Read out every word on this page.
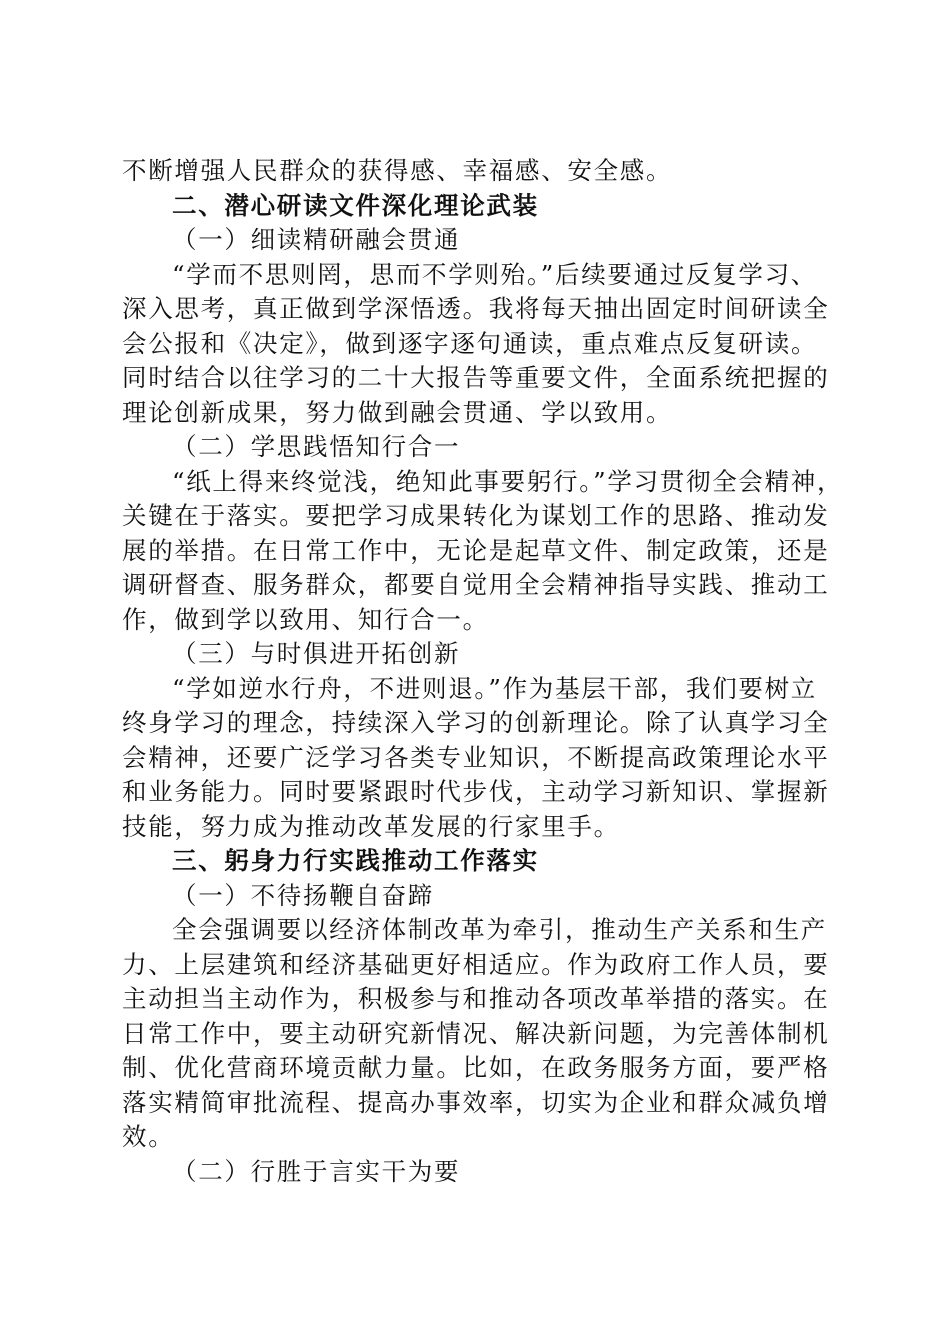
不断增强人民群众的获得感、幸福感、安全感。
二、潜心研读文件深化理论武装
（一）细读精研融会贯通
“学而不思则罔，思而不学则殆。”后续要通过反复学习、
深入思考，真正做到学深悟透。我将每天抽出固定时间研读全
会公报和《决定》，做到逐字逐句通读，重点难点反复研读。
同时结合以往学习的二十大报告等重要文件，全面系统把握的
理论创新成果，努力做到融会贯通、学以致用。
（二）学思践悟知行合一
“纸上得来终觉浅，绝知此事要躬行。”学习贯彻全会精神，
关键在于落实。要把学习成果转化为谋划工作的思路、推动发
展的举措。在日常工作中，无论是起草文件、制定政策，还是
调研督查、服务群众，都要自觉用全会精神指导实践、推动工
作，做到学以致用、知行合一。
（三）与时俱进开拓创新
“学如逆水行舟，不进则退。”作为基层干部，我们要树立
终身学习的理念，持续深入学习的创新理论。除了认真学习全
会精神，还要广泛学习各类专业知识，不断提高政策理论水平
和业务能力。同时要紧跟时代步伐，主动学习新知识、掌握新
技能，努力成为推动改革发展的行家里手。
三、躬身力行实践推动工作落实
（一）不待扬鞭自奋蹄
全会强调要以经济体制改革为牵引，推动生产关系和生产
力、上层建筑和经济基础更好相适应。作为政府工作人员，要
主动担当主动作为，积极参与和推动各项改革举措的落实。在
日常工作中，要主动研究新情况、解决新问题，为完善体制机
制、优化营商环境贡献力量。比如，在政务服务方面，要严格
落实精简审批流程、提高办事效率，切实为企业和群众减负增
效。
（二）行胜于言实干为要
